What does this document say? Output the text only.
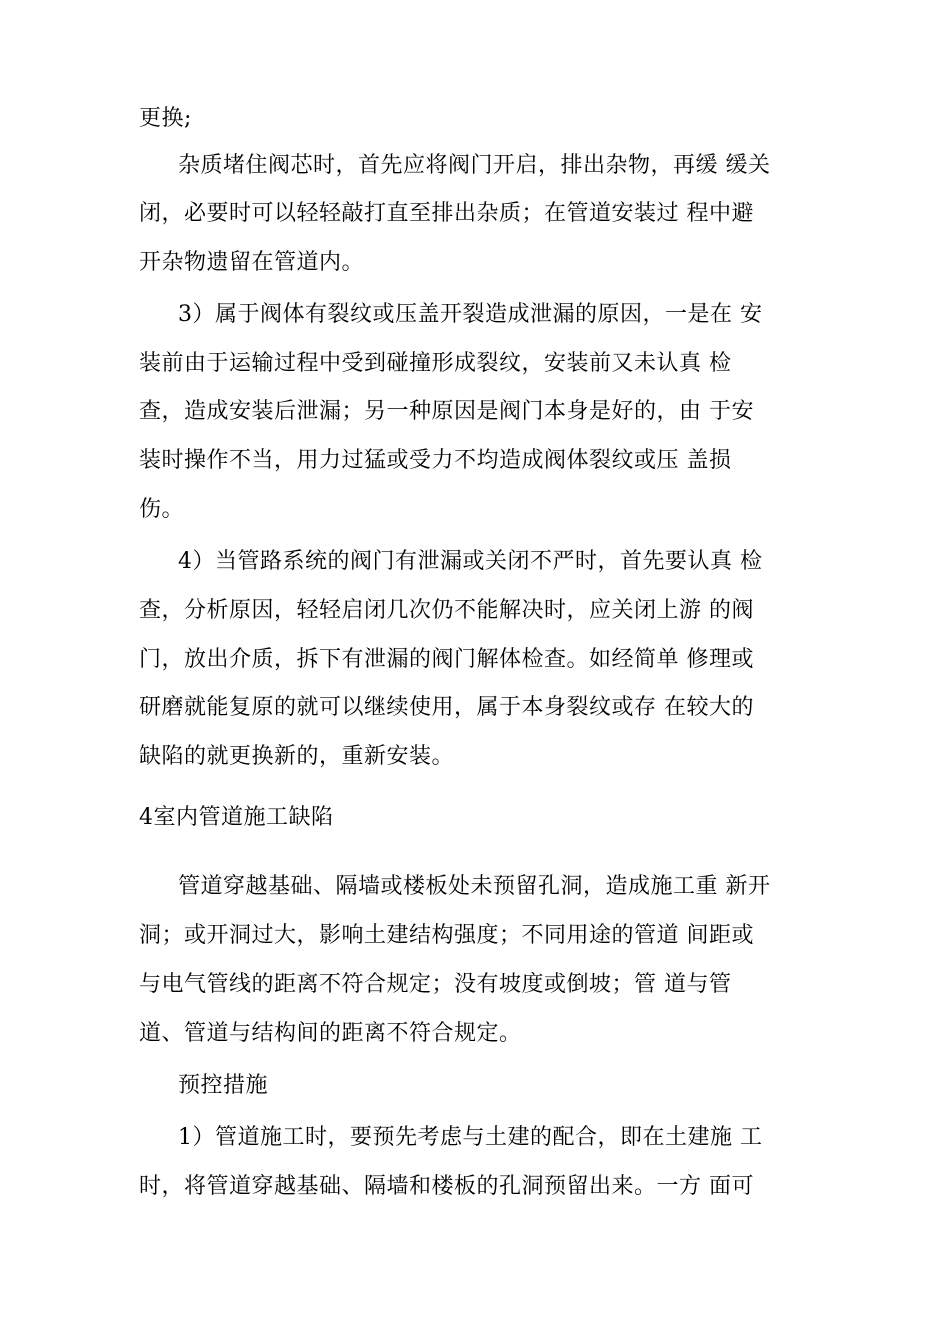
更换;
杂质堵住阀芯时，首先应将阀门开启，排出杂物，再缓 缓关
闭，必要时可以轻轻敲打直至排出杂质；在管道安装过 程中避
开杂物遗留在管道内。
3）属于阀体有裂纹或压盖开裂造成泄漏的原因，一是在 安
装前由于运输过程中受到碰撞形成裂纹，安装前又未认真 检
查，造成安装后泄漏；另一种原因是阀门本身是好的，由 于安
装时操作不当，用力过猛或受力不均造成阀体裂纹或压 盖损
伤。
4）当管路系统的阀门有泄漏或关闭不严时，首先要认真 检
查，分析原因，轻轻启闭几次仍不能解决时，应关闭上游 的阀
门，放出介质，拆下有泄漏的阀门解体检查。如经简单 修理或
研磨就能复原的就可以继续使用，属于本身裂纹或存 在较大的
缺陷的就更换新的，重新安装。
4室内管道施工缺陷
管道穿越基础、隔墙或楼板处未预留孔洞，造成施工重 新开
洞；或开洞过大，影响土建结构强度；不同用途的管道 间距或
与电气管线的距离不符合规定；没有坡度或倒坡；管 道与管
道、管道与结构间的距离不符合规定。
预控措施
1）管道施工时，要预先考虑与土建的配合，即在土建施 工
时，将管道穿越基础、隔墙和楼板的孔洞预留出来。一方 面可
